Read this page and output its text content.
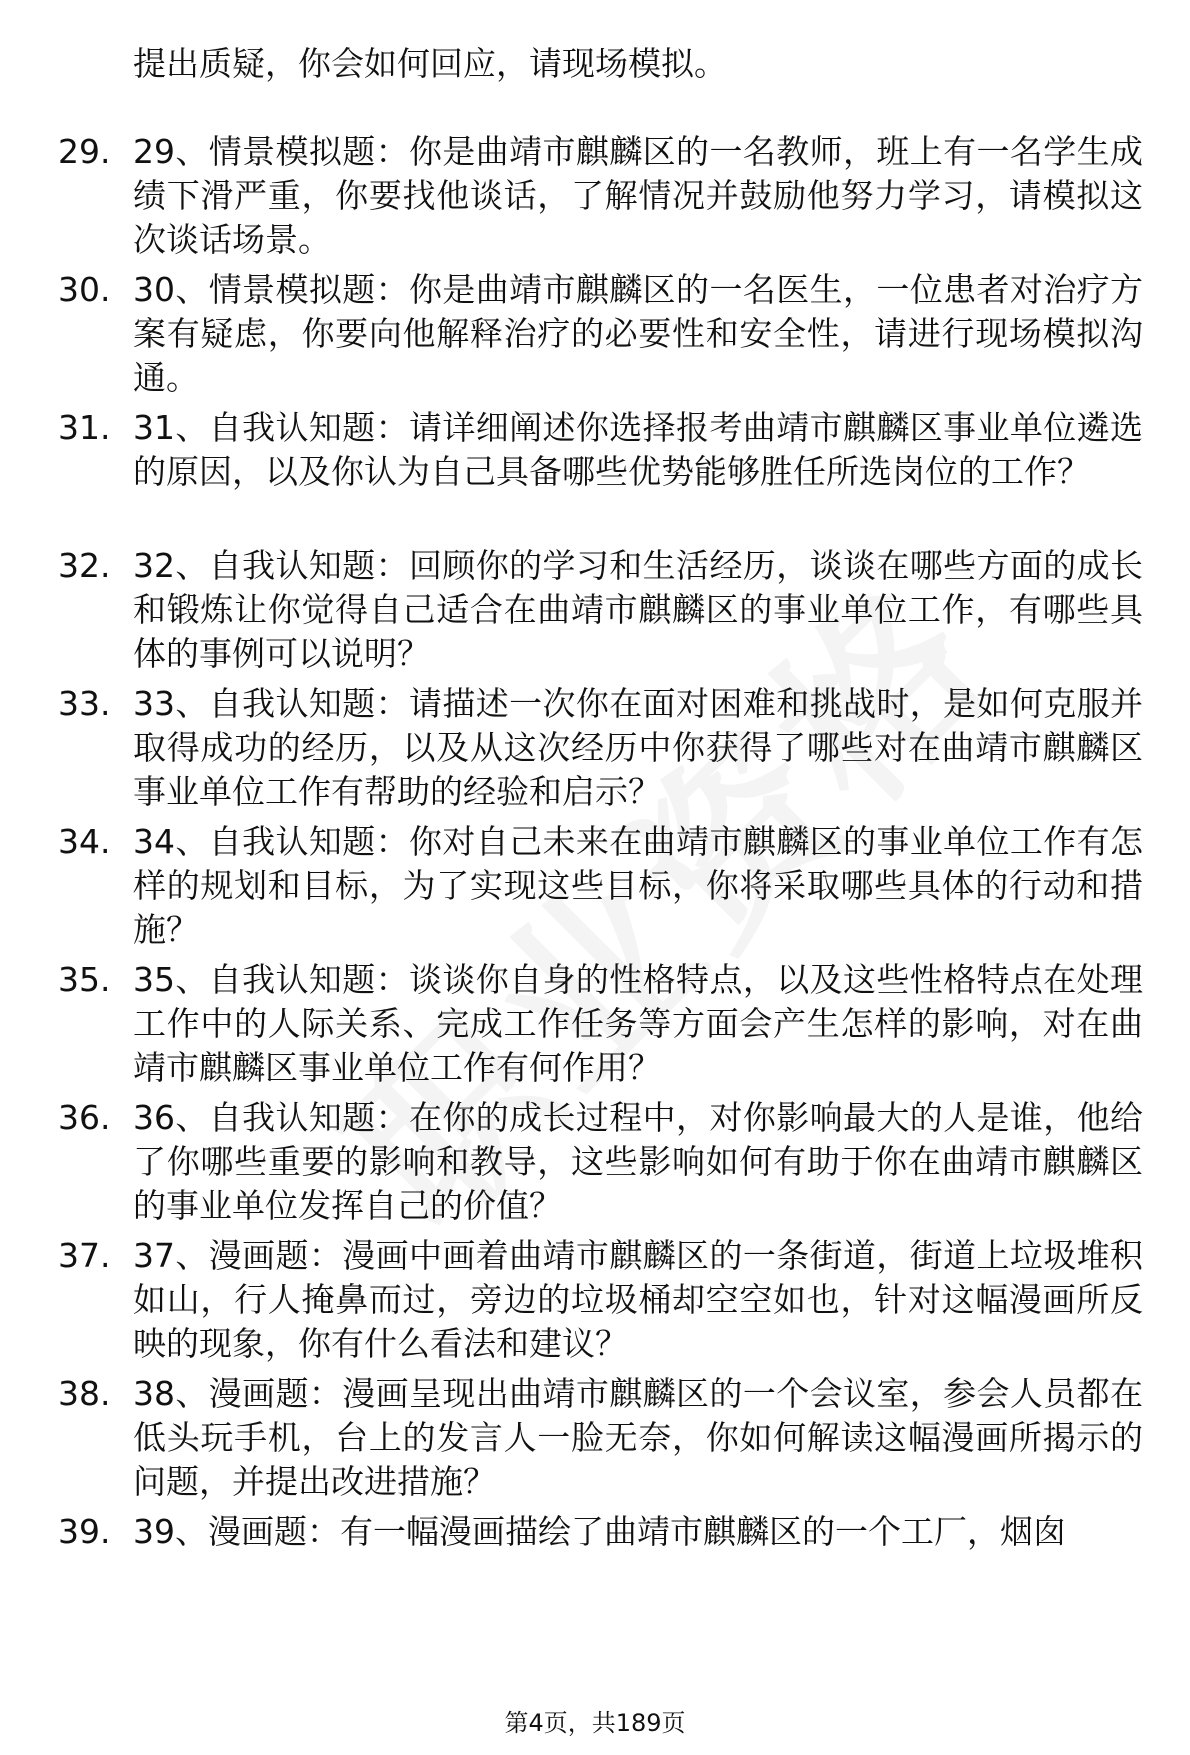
提出质疑，你会如何回应，请现场模拟。
29. 29、情景模拟题：你是曲靖市麒麟区的一名教师，班上有一名学生成绩下滑严重，你要找他谈话，了解情况并鼓励他努力学习，请模拟这次谈话场景。
30. 30、情景模拟题：你是曲靖市麒麟区的一名医生，一位患者对治疗方案有疑虑，你要向他解释治疗的必要性和安全性，请进行现场模拟沟通。
31. 31、自我认知题：请详细阐述你选择报考曲靖市麒麟区事业单位遴选的原因，以及你认为自己具备哪些优势能够胜任所选岗位的工作？
32. 32、自我认知题：回顾你的学习和生活经历，谈谈在哪些方面的成长和锻炼让你觉得自己适合在曲靖市麒麟区的事业单位工作，有哪些具体的事例可以说明？
33. 33、自我认知题：请描述一次你在面对困难和挑战时，是如何克服并取得成功的经历，以及从这次经历中你获得了哪些对在曲靖市麒麟区事业单位工作有帮助的经验和启示？
34. 34、自我认知题：你对自己未来在曲靖市麒麟区的事业单位工作有怎样的规划和目标，为了实现这些目标，你将采取哪些具体的行动和措施？
35. 35、自我认知题：谈谈你自身的性格特点，以及这些性格特点在处理工作中的人际关系、完成工作任务等方面会产生怎样的影响，对在曲靖市麒麟区事业单位工作有何作用？
36. 36、自我认知题：在你的成长过程中，对你影响最大的人是谁，他给了你哪些重要的影响和教导，这些影响如何有助于你在曲靖市麒麟区的事业单位发挥自己的价值？
37. 37、漫画题：漫画中画着曲靖市麒麟区的一条街道，街道上垃圾堆积如山，行人掩鼻而过，旁边的垃圾桶却空空如也，针对这幅漫画所反映的现象，你有什么看法和建议？
38. 38、漫画题：漫画呈现出曲靖市麒麟区的一个会议室，参会人员都在低头玩手机，台上的发言人一脸无奈，你如何解读这幅漫画所揭示的问题，并提出改进措施？
39. 39、漫画题：有一幅漫画描绘了曲靖市麒麟区的一个工厂，烟囱
第4页，共189页
